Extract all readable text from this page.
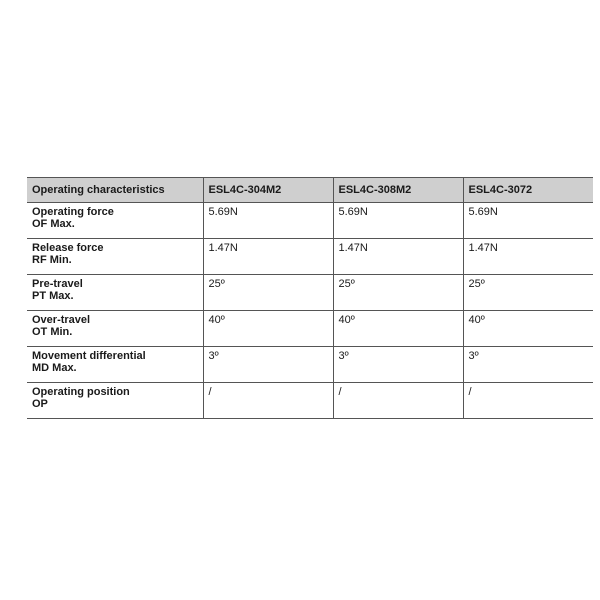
Operating characteristics	ESL4C-304M2	ESL4C-308M2	ESL4C-3072

Operating force
OF Max.	5.69N	5.69N	5.69N

Release force
RF Min.	1.47N	1.47N	1.47N

Pre-travel
PT Max.	25º	25º	25º

Over-travel
OT Min.	40º	40º	40º

Movement differential
MD Max.	3º	3º	3º

Operating position
OP	/	/	/
